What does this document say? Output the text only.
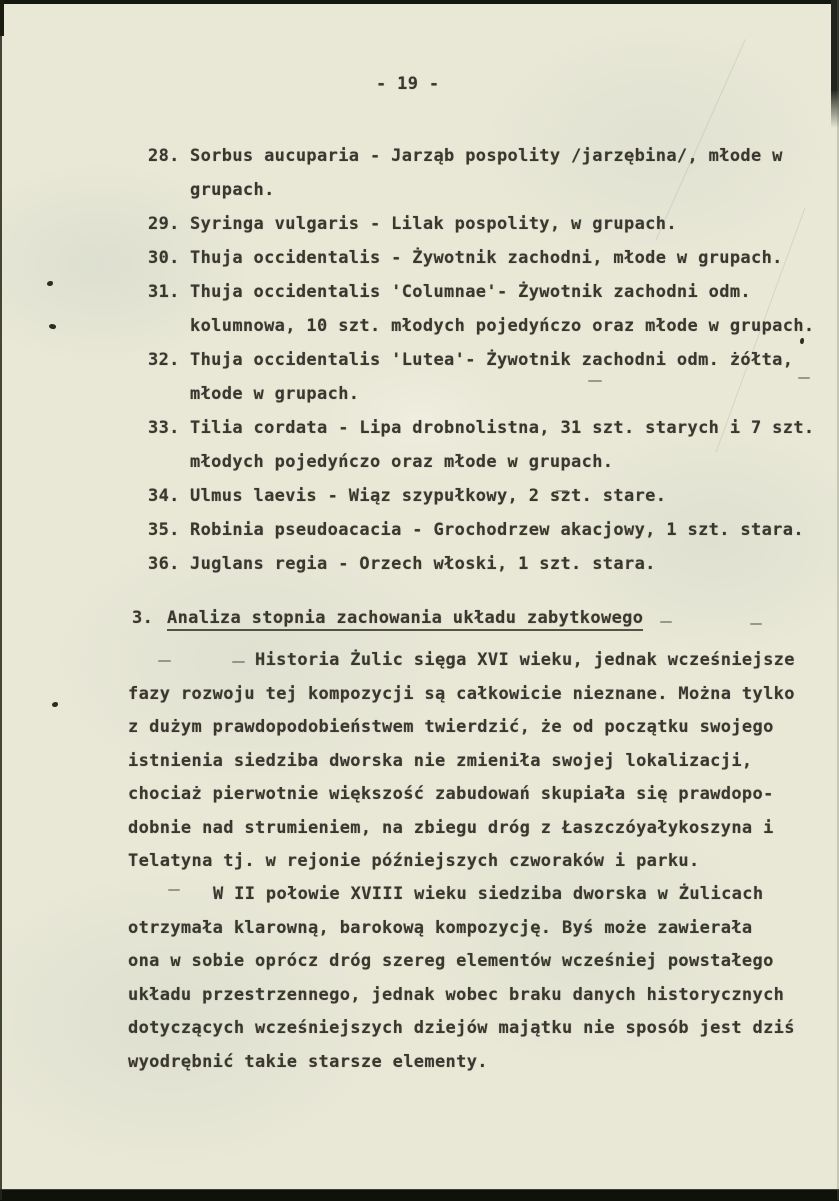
- 19 -
28. Sorbus aucuparia - Jarząb pospolity /jarzębina/, młode w
grupach.
29. Syringa vulgaris - Lilak pospolity, w grupach.
30. Thuja occidentalis - Żywotnik zachodni, młode w grupach.
31. Thuja occidentalis 'Columnae'- Żywotnik zachodni odm.
kolumnowa, 10 szt. młodych pojedyńczo oraz młode w grupach.
32. Thuja occidentalis 'Lutea'- Żywotnik zachodni odm. żółta,
młode w grupach.
33. Tilia cordata - Lipa drobnolistna, 31 szt. starych i 7 szt.
młodych pojedyńczo oraz młode w grupach.
34. Ulmus laevis - Wiąz szypułkowy, 2 szt. stare.
35. Robinia pseudoacacia - Grochodrzew akacjowy, 1 szt. stara.
36. Juglans regia - Orzech włoski, 1 szt. stara.
3. Analiza stopnia zachowania układu zabytkowego
Historia Żulic sięga XVI wieku, jednak wcześniejsze
fazy rozwoju tej kompozycji są całkowicie nieznane. Można tylko
z dużym prawdopodobieństwem twierdzić, że od początku swojego
istnienia siedziba dworska nie zmieniła swojej lokalizacji,
chociaż pierwotnie większość zabudowań skupiała się prawdopo-
dobnie nad strumieniem, na zbiegu dróg z Łaszczóyałykoszyna i
Telatyna tj. w rejonie późniejszych czworaków i parku.
W II połowie XVIII wieku siedziba dworska w Żulicach
otrzymała klarowną, barokową kompozycję. Byś może zawierała
ona w sobie oprócz dróg szereg elementów wcześniej powstałego
układu przestrzennego, jednak wobec braku danych historycznych
dotyczących wcześniejszych dziejów majątku nie sposób jest dziś
wyodrębnić takie starsze elementy.
